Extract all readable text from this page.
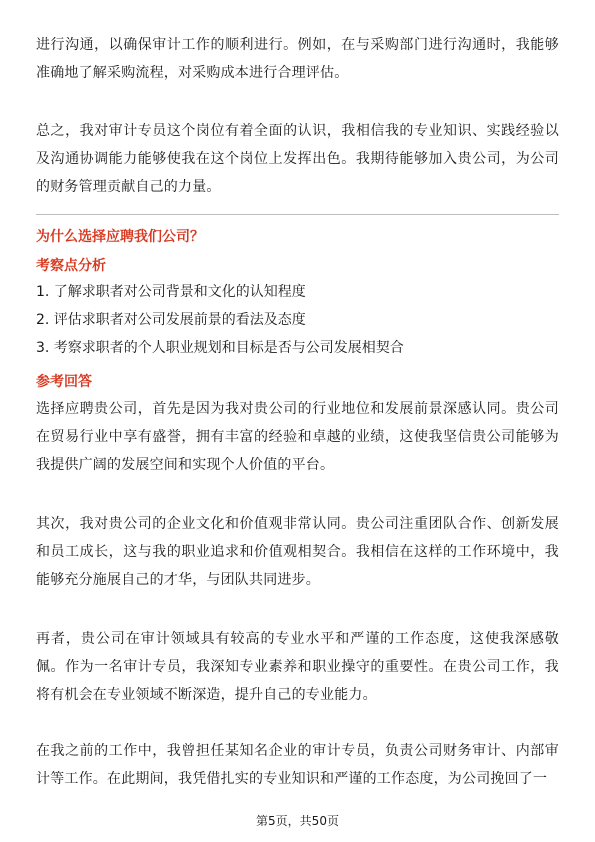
进行沟通，以确保审计工作的顺利进行。例如，在与采购部门进行沟通时，我能够准确地了解采购流程，对采购成本进行合理评估。

总之，我对审计专员这个岗位有着全面的认识，我相信我的专业知识、实践经验以及沟通协调能力能够使我在这个岗位上发挥出色。我期待能够加入贵公司，为公司的财务管理贡献自己的力量。

为什么选择应聘我们公司？

考察点分析

1. 了解求职者对公司背景和文化的认知程度

2. 评估求职者对公司发展前景的看法及态度

3. 考察求职者的个人职业规划和目标是否与公司发展相契合

参考回答

选择应聘贵公司，首先是因为我对贵公司的行业地位和发展前景深感认同。贵公司在贸易行业中享有盛誉，拥有丰富的经验和卓越的业绩，这使我坚信贵公司能够为我提供广阔的发展空间和实现个人价值的平台。

其次，我对贵公司的企业文化和价值观非常认同。贵公司注重团队合作、创新发展和员工成长，这与我的职业追求和价值观相契合。我相信在这样的工作环境中，我能够充分施展自己的才华，与团队共同进步。

再者，贵公司在审计领域具有较高的专业水平和严谨的工作态度，这使我深感敬佩。作为一名审计专员，我深知专业素养和职业操守的重要性。在贵公司工作，我将有机会在专业领域不断深造，提升自己的专业能力。

在我之前的工作中，我曾担任某知名企业的审计专员，负责公司财务审计、内部审计等工作。在此期间，我凭借扎实的专业知识和严谨的工作态度，为公司挽回了一

第5页，共50页
